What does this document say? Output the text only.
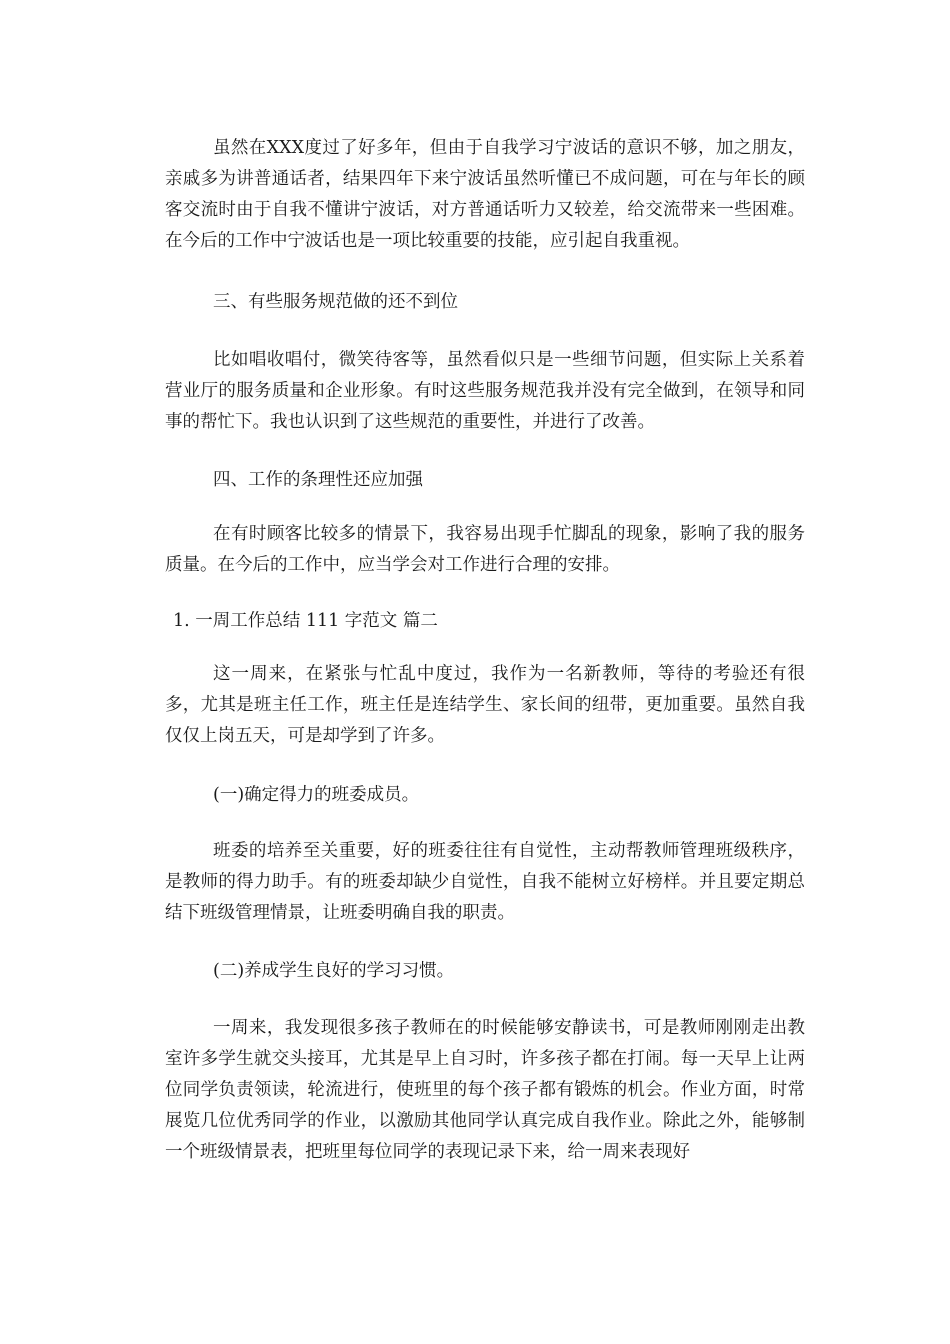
虽然在XXX度过了好多年，但由于自我学习宁波话的意识不够，加之朋友，亲戚多为讲普通话者，结果四年下来宁波话虽然听懂已不成问题，可在与年长的顾客交流时由于自我不懂讲宁波话，对方普通话听力又较差，给交流带来一些困难。在今后的工作中宁波话也是一项比较重要的技能，应引起自我重视。

三、有些服务规范做的还不到位

比如唱收唱付，微笑待客等，虽然看似只是一些细节问题，但实际上关系着营业厅的服务质量和企业形象。有时这些服务规范我并没有完全做到，在领导和同事的帮忙下。我也认识到了这些规范的重要性，并进行了改善。

四、工作的条理性还应加强

在有时顾客比较多的情景下，我容易出现手忙脚乱的现象，影响了我的服务质量。在今后的工作中，应当学会对工作进行合理的安排。

1. 一周工作总结 111 字范文 篇二

这一周来，在紧张与忙乱中度过，我作为一名新教师，等待的考验还有很多，尤其是班主任工作，班主任是连结学生、家长间的纽带，更加重要。虽然自我仅仅上岗五天，可是却学到了许多。

(一)确定得力的班委成员。

班委的培养至关重要，好的班委往往有自觉性，主动帮教师管理班级秩序，是教师的得力助手。有的班委却缺少自觉性，自我不能树立好榜样。并且要定期总结下班级管理情景，让班委明确自我的职责。

(二)养成学生良好的学习习惯。

一周来，我发现很多孩子教师在的时候能够安静读书，可是教师刚刚走出教室许多学生就交头接耳，尤其是早上自习时，许多孩子都在打闹。每一天早上让两位同学负责领读，轮流进行，使班里的每个孩子都有锻炼的机会。作业方面，时常展览几位优秀同学的作业，以激励其他同学认真完成自我作业。除此之外，能够制一个班级情景表，把班里每位同学的表现记录下来，给一周来表现好
